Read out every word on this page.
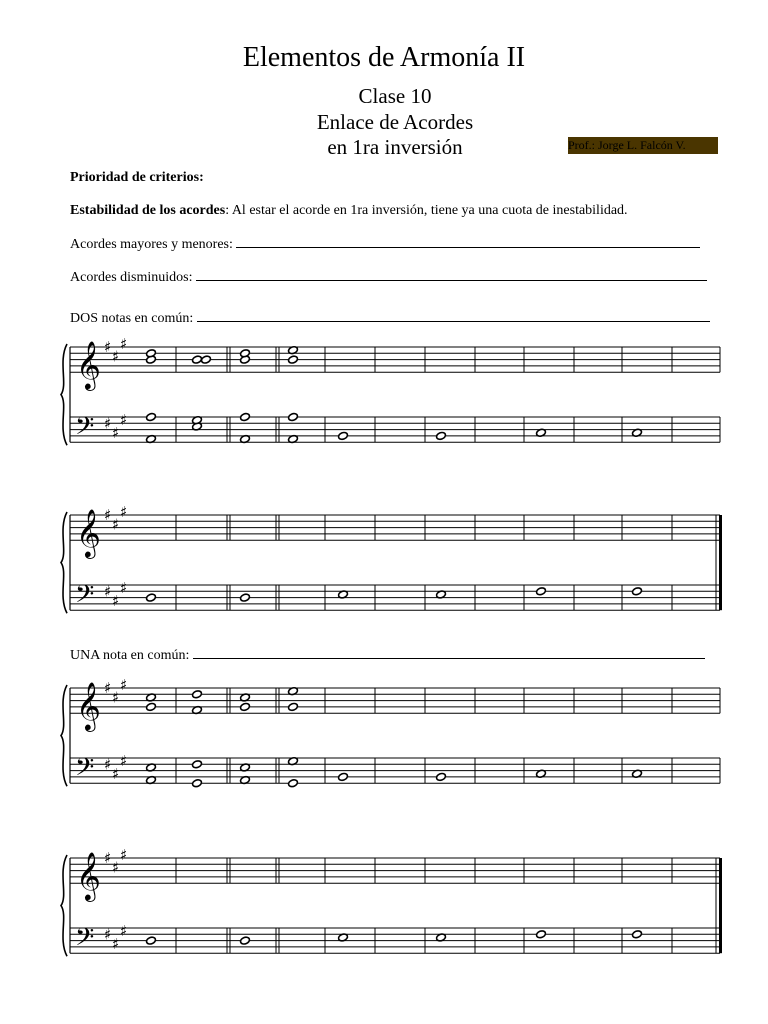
Elementos de Armonía II
Clase 10
Enlace de Acordes
en 1ra inversión	Prof.: Jorge L. Falcón V.
Prioridad de criterios:
Estabilidad de los acordes: Al estar el acorde en 1ra inversión, tiene ya una cuota de inestabilidad.
Acordes mayores y menores:
Acordes disminuidos:
DOS notas en común:
UNA nota en común:
𝄞
𝄢
♯
♯
♯
♯
♯
♯
𝄞
𝄢
♯
♯
♯
♯
♯
♯
𝄞
𝄢
♯
♯
♯
♯
♯
♯
𝄞
𝄢
♯
♯
♯
♯
♯
♯
